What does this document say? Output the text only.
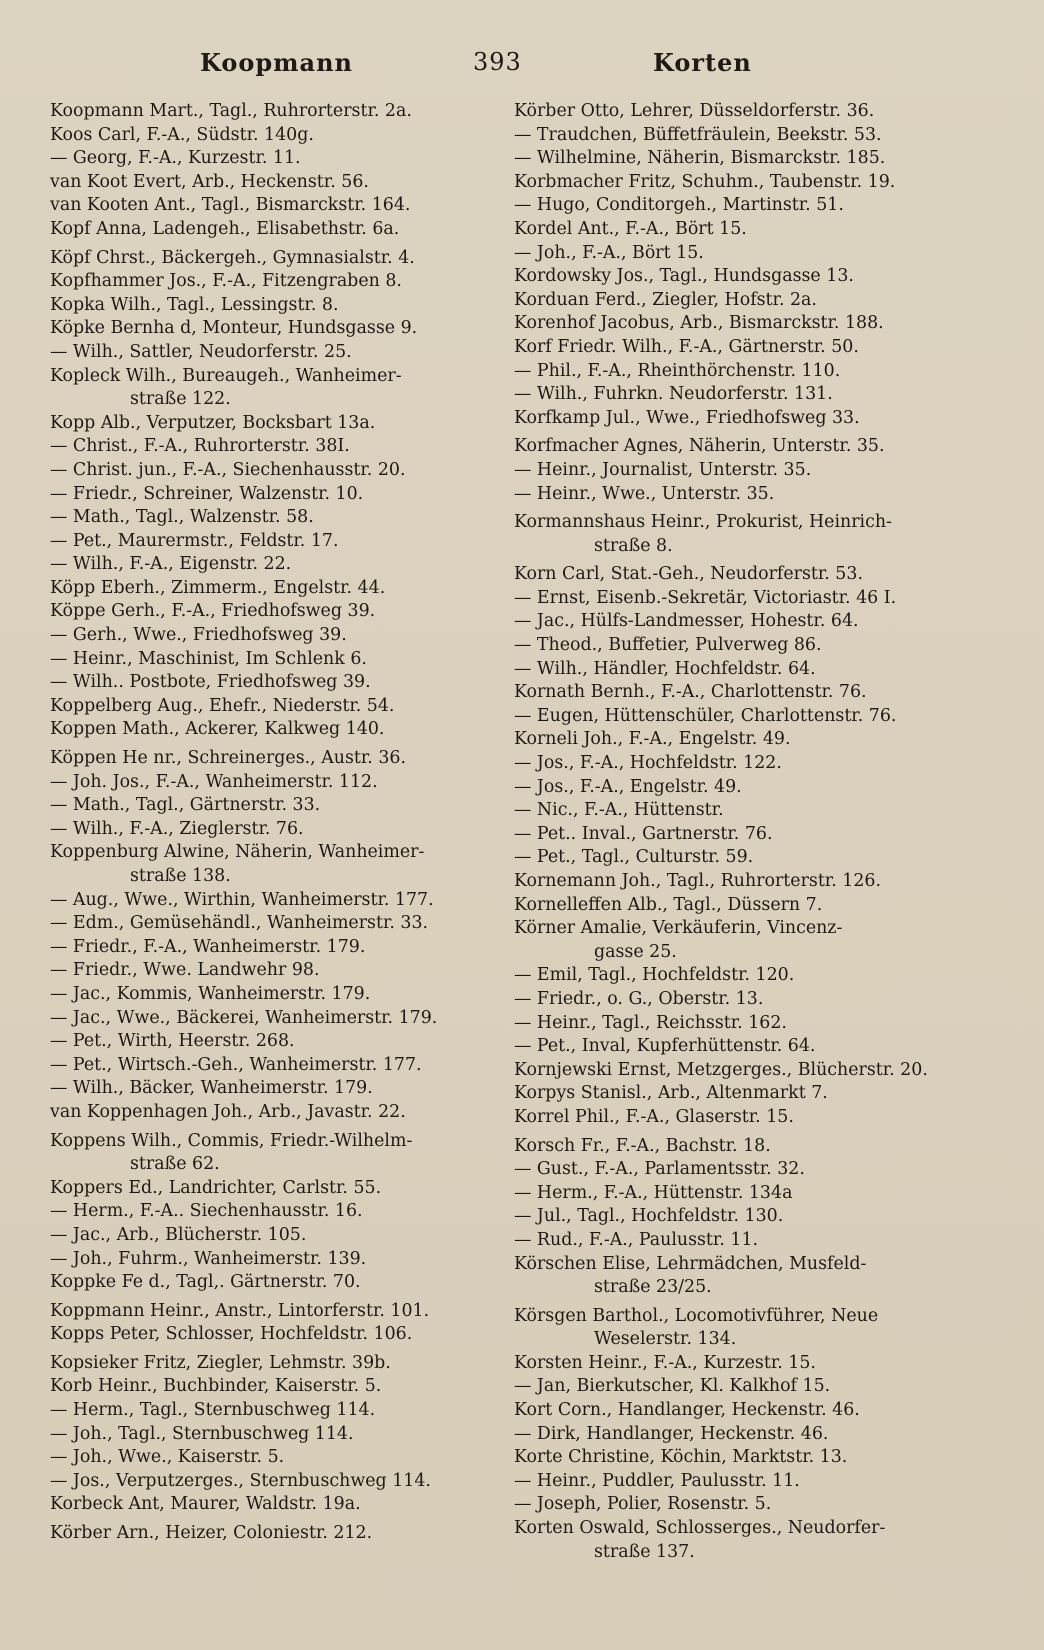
Koopmann	393	Korten
Koopmann Mart., Tagl., Ruhrorterstr. 2a.
Koos Carl, F.-A., Südstr. 140g.
— Georg, F.-A., Kurzestr. 11.
van Koot Evert, Arb., Heckenstr. 56.
van Kooten Ant., Tagl., Bismarckstr. 164.
Kopf Anna, Ladengeh., Elisabethstr. 6a.
Köpf Chrst., Bäckergeh., Gymnasialstr. 4.
Kopfhammer Jos., F.-A., Fitzengraben 8.
Kopka Wilh., Tagl., Lessingstr. 8.
Köpke Bernha d, Monteur, Hundsgasse 9.
— Wilh., Sattler, Neudorferstr. 25.
Kopleck Wilh., Bureaugeh., Wanheimer-
straße 122.
Kopp Alb., Verputzer, Bocksbart 13a.
— Christ., F.-A., Ruhrorterstr. 38I.
— Christ. jun., F.-A., Siechenhausstr. 20.
— Friedr., Schreiner, Walzenstr. 10.
— Math., Tagl., Walzenstr. 58.
— Pet., Maurermstr., Feldstr. 17.
— Wilh., F.-A., Eigenstr. 22.
Köpp Eberh., Zimmerm., Engelstr. 44.
Köppe Gerh., F.-A., Friedhofsweg 39.
— Gerh., Wwe., Friedhofsweg 39.
— Heinr., Maschinist, Im Schlenk 6.
— Wilh.. Postbote, Friedhofsweg 39.
Koppelberg Aug., Ehefr., Niederstr. 54.
Koppen Math., Ackerer, Kalkweg 140.
Köppen He nr., Schreinerges., Austr. 36.
— Joh. Jos., F.-A., Wanheimerstr. 112.
— Math., Tagl., Gärtnerstr. 33.
— Wilh., F.-A., Zieglerstr. 76.
Koppenburg Alwine, Näherin, Wanheimer-
straße 138.
— Aug., Wwe., Wirthin, Wanheimerstr. 177.
— Edm., Gemüsehändl., Wanheimerstr. 33.
— Friedr., F.-A., Wanheimerstr. 179.
— Friedr., Wwe. Landwehr 98.
— Jac., Kommis, Wanheimerstr. 179.
— Jac., Wwe., Bäckerei, Wanheimerstr. 179.
— Pet., Wirth, Heerstr. 268.
— Pet., Wirtsch.-Geh., Wanheimerstr. 177.
— Wilh., Bäcker, Wanheimerstr. 179.
van Koppenhagen Joh., Arb., Javastr. 22.
Koppens Wilh., Commis, Friedr.-Wilhelm-
straße 62.
Koppers Ed., Landrichter, Carlstr. 55.
— Herm., F.-A.. Siechenhausstr. 16.
— Jac., Arb., Blücherstr. 105.
— Joh., Fuhrm., Wanheimerstr. 139.
Koppke Fe d., Tagl,. Gärtnerstr. 70.
Koppmann Heinr., Anstr., Lintorferstr. 101.
Kopps Peter, Schlosser, Hochfeldstr. 106.
Kopsieker Fritz, Ziegler, Lehmstr. 39b.
Korb Heinr., Buchbinder, Kaiserstr. 5.
— Herm., Tagl., Sternbuschweg 114.
— Joh., Tagl., Sternbuschweg 114.
— Joh., Wwe., Kaiserstr. 5.
— Jos., Verputzerges., Sternbuschweg 114.
Korbeck Ant, Maurer, Waldstr. 19a.
Körber Arn., Heizer, Coloniestr. 212.
Körber Otto, Lehrer, Düsseldorferstr. 36.
— Traudchen, Büffetfräulein, Beekstr. 53.
— Wilhelmine, Näherin, Bismarckstr. 185.
Korbmacher Fritz, Schuhm., Taubenstr. 19.
— Hugo, Conditorgeh., Martinstr. 51.
Kordel Ant., F.-A., Bört 15.
— Joh., F.-A., Bört 15.
Kordowsky Jos., Tagl., Hundsgasse 13.
Korduan Ferd., Ziegler, Hofstr. 2a.
Korenhof Jacobus, Arb., Bismarckstr. 188.
Korf Friedr. Wilh., F.-A., Gärtnerstr. 50.
— Phil., F.-A., Rheinthörchenstr. 110.
— Wilh., Fuhrkn. Neudorferstr. 131.
Korfkamp Jul., Wwe., Friedhofsweg 33.
Korfmacher Agnes, Näherin, Unterstr. 35.
— Heinr., Journalist, Unterstr. 35.
— Heinr., Wwe., Unterstr. 35.
Kormannshaus Heinr., Prokurist, Heinrich-
straße 8.
Korn Carl, Stat.-Geh., Neudorferstr. 53.
— Ernst, Eisenb.-Sekretär, Victoriastr. 46 I.
— Jac., Hülfs-Landmesser, Hohestr. 64.
— Theod., Buffetier, Pulverweg 86.
— Wilh., Händler, Hochfeldstr. 64.
Kornath Bernh., F.-A., Charlottenstr. 76.
— Eugen, Hüttenschüler, Charlottenstr. 76.
Korneli Joh., F.-A., Engelstr. 49.
— Jos., F.-A., Hochfeldstr. 122.
— Jos., F.-A., Engelstr. 49.
— Nic., F.-A., Hüttenstr.
— Pet.. Inval., Gartnerstr. 76.
— Pet., Tagl., Culturstr. 59.
Kornemann Joh., Tagl., Ruhrorterstr. 126.
Kornelleffen Alb., Tagl., Düssern 7.
Körner Amalie, Verkäuferin, Vincenz-
gasse 25.
— Emil, Tagl., Hochfeldstr. 120.
— Friedr., o. G., Oberstr. 13.
— Heinr., Tagl., Reichsstr. 162.
— Pet., Inval, Kupferhüttenstr. 64.
Kornjewski Ernst, Metzgerges., Blücherstr. 20.
Korpys Stanisl., Arb., Altenmarkt 7.
Korrel Phil., F.-A., Glaserstr. 15.
Korsch Fr., F.-A., Bachstr. 18.
— Gust., F.-A., Parlamentsstr. 32.
— Herm., F.-A., Hüttenstr. 134a
— Jul., Tagl., Hochfeldstr. 130.
— Rud., F.-A., Paulusstr. 11.
Körschen Elise, Lehrmädchen, Musfeld-
straße 23/25.
Körsgen Barthol., Locomotivführer, Neue
Weselerstr. 134.
Korsten Heinr., F.-A., Kurzestr. 15.
— Jan, Bierkutscher, Kl. Kalkhof 15.
Kort Corn., Handlanger, Heckenstr. 46.
— Dirk, Handlanger, Heckenstr. 46.
Korte Christine, Köchin, Marktstr. 13.
— Heinr., Puddler, Paulusstr. 11.
— Joseph, Polier, Rosenstr. 5.
Korten Oswald, Schlosserges., Neudorfer-
straße 137.
